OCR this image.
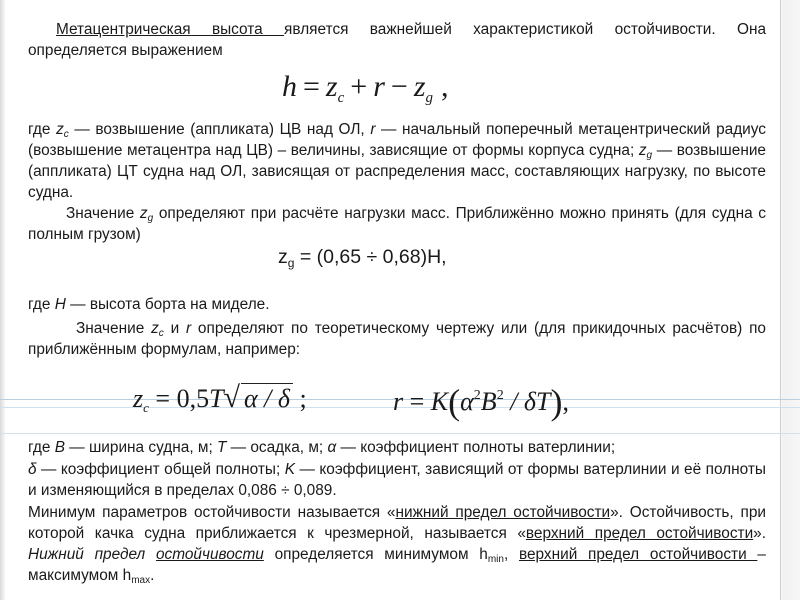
Метацентрическая высота является важнейшей характеристикой остойчивости. Она определяется выражением
$h = z_c + r - z_g$ ,
где $z_c$ — возвышение (аппликата) ЦВ над ОЛ, r — начальный поперечный метацентрический радиус (возвышение метацентра над ЦВ) – величины, зависящие от формы корпуса судна; $z_g$ — возвышение (аппликата) ЦТ судна над ОЛ, зависящая от распределения масс, составляющих нагрузку, по высоте судна.
Значение $z_g$ определяют при расчёте нагрузки масс. Приближённо можно принять (для судна с полным грузом)
$z_g = (0,65 \div 0,68)H$,
где H — высота борта на миделе.
Значение $z_c$ и r определяют по теоретическому чертежу или (для прикидочных расчётов) по приближённым формулам, например:
$z_c = 0,5T√$ α / δ ;	$r = K(\alpha^2B^2 / \delta T)$,
где B — ширина судна, м; T — осадка, м; α — коэффициент полноты ватерлинии;
δ — коэффициент общей полноты; K — коэффициент, зависящий от формы ватерлинии и её полноты и изменяющийся в пределах 0,086 ÷ 0,089.
Минимум параметров остойчивости называется «нижний предел остойчивости». Остойчивость, при которой качка судна приближается к чрезмерной, называется «верхний предел остойчивости». Нижний предел остойчивости определяется минимумом $h_{min}$, верхний предел остойчивости – максимумом $h_{max}$.
